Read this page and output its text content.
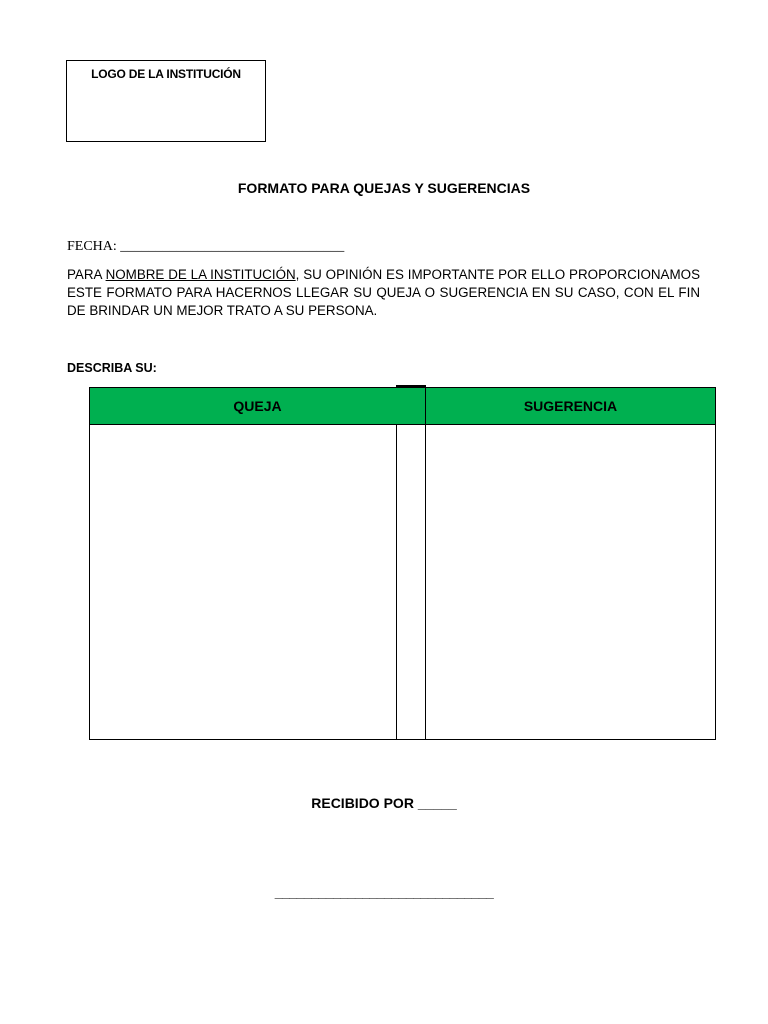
LOGO DE LA INSTITUCIÓN
FORMATO PARA QUEJAS Y SUGERENCIAS
FECHA: ________________________________
PARA NOMBRE DE LA INSTITUCIÓN, SU OPINIÓN ES IMPORTANTE POR ELLO PROPORCIONAMOS ESTE FORMATO PARA HACERNOS LLEGAR SU QUEJA O SUGERENCIA EN SU CASO, CON EL FIN DE BRINDAR UN MEJOR TRATO A SU PERSONA.
DESCRIBA SU:
QUEJA	SUGERENCIA
RECIBIDO POR _____
______________________________
